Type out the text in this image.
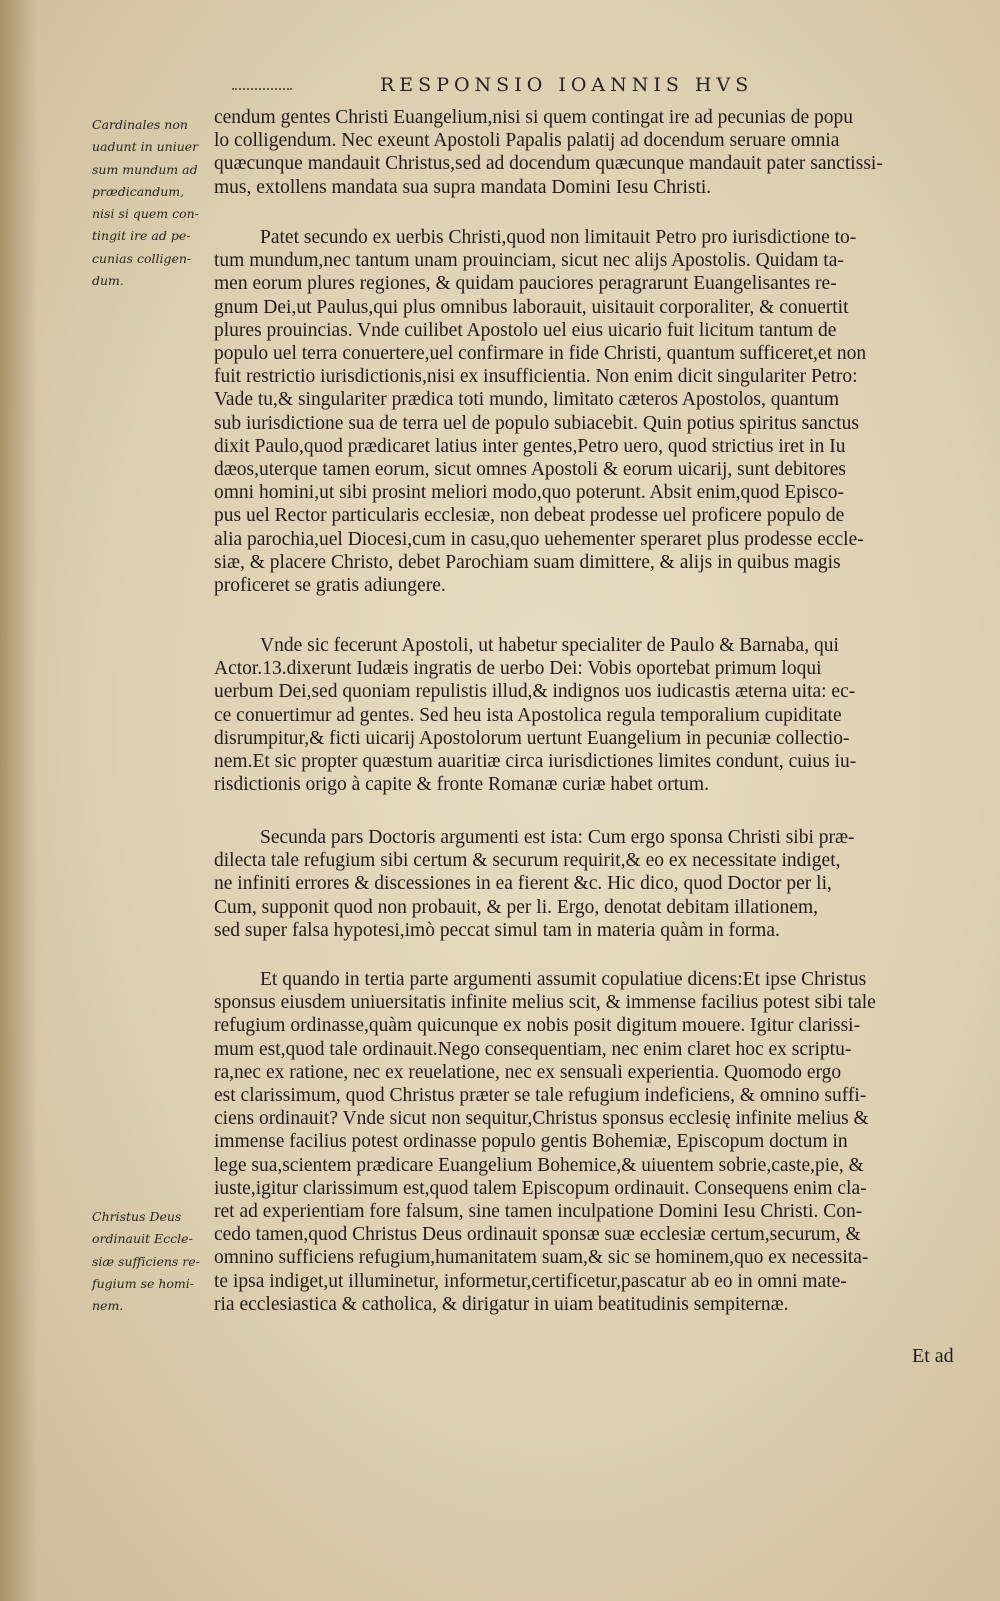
RESPONSIO IOANNIS HVS
Cardinales non
uadunt in uniuer
sum mundum ad
prædicandum,
nisi si quem con-
tingit ire ad pe-
cunias colligen-
dum.
Christus Deus
ordinauit Eccle-
siæ sufficiens re-
fugium se homi-
nem.
cendum gentes Christi Euangelium,nisi si quem contingat ire ad pecunias de popu
lo colligendum. Nec exeunt Apostoli Papalis palatij ad docendum seruare omnia
quæcunque mandauit Christus,sed ad docendum quæcunque mandauit pater sanctissi-
mus, extollens mandata sua supra mandata Domini Iesu Christi.
Patet secundo ex uerbis Christi,quod non limitauit Petro pro iurisdictione to-
tum mundum,nec tantum unam prouinciam, sicut nec alijs Apostolis. Quidam ta-
men eorum plures regiones, & quidam pauciores peragrarunt Euangelisantes re-
gnum Dei,ut Paulus,qui plus omnibus laborauit, uisitauit corporaliter, & conuertit
plures prouincias. Vnde cuilibet Apostolo uel eius uicario fuit licitum tantum de
populo uel terra conuertere,uel confirmare in fide Christi, quantum sufficeret,et non
fuit restrictio iurisdictionis,nisi ex insufficientia. Non enim dicit singulariter Petro:
Vade tu,& singulariter prædica toti mundo, limitato cæteros Apostolos, quantum
sub iurisdictione sua de terra uel de populo subiacebit. Quin potius spiritus sanctus
dixit Paulo,quod prædicaret latius inter gentes,Petro uero, quod strictius iret in Iu
dæos,uterque tamen eorum, sicut omnes Apostoli & eorum uicarij, sunt debitores
omni homini,ut sibi prosint meliori modo,quo poterunt. Absit enim,quod Episco-
pus uel Rector particularis ecclesiæ, non debeat prodesse uel proficere populo de
alia parochia,uel Diocesi,cum in casu,quo uehementer speraret plus prodesse eccle-
siæ, & placere Christo, debet Parochiam suam dimittere, & alijs in quibus magis
proficeret se gratis adiungere.
Vnde sic fecerunt Apostoli, ut habetur specialiter de Paulo & Barnaba, qui
Actor.13.dixerunt Iudæis ingratis de uerbo Dei: Vobis oportebat primum loqui
uerbum Dei,sed quoniam repulistis illud,& indignos uos iudicastis æterna uita: ec-
ce conuertimur ad gentes. Sed heu ista Apostolica regula temporalium cupiditate
disrumpitur,& ficti uicarij Apostolorum uertunt Euangelium in pecuniæ collectio-
nem.Et sic propter quæstum auaritiæ circa iurisdictiones limites condunt, cuius iu-
risdictionis origo à capite & fronte Romanæ curiæ habet ortum.
Secunda pars Doctoris argumenti est ista: Cum ergo sponsa Christi sibi præ-
dilecta tale refugium sibi certum & securum requirit,& eo ex necessitate indiget,
ne infiniti errores & discessiones in ea fierent &c. Hic dico, quod Doctor per li,
Cum, supponit quod non probauit, & per li. Ergo, denotat debitam illationem,
sed super falsa hypotesi,imò peccat simul tam in materia quàm in forma.
Et quando in tertia parte argumenti assumit copulatiue dicens:Et ipse Christus
sponsus eiusdem uniuersitatis infinite melius scit, & immense facilius potest sibi tale
refugium ordinasse,quàm quicunque ex nobis posit digitum mouere. Igitur clarissi-
mum est,quod tale ordinauit.Nego consequentiam, nec enim claret hoc ex scriptu-
ra,nec ex ratione, nec ex reuelatione, nec ex sensuali experientia. Quomodo ergo
est clarissimum, quod Christus præter se tale refugium indeficiens, & omnino suffi-
ciens ordinauit? Vnde sicut non sequitur,Christus sponsus ecclesię infinite melius &
immense facilius potest ordinasse populo gentis Bohemiæ, Episcopum doctum in
lege sua,scientem prædicare Euangelium Bohemice,& uiuentem sobrie,caste,pie, &
iuste,igitur clarissimum est,quod talem Episcopum ordinauit. Consequens enim cla-
ret ad experientiam fore falsum, sine tamen inculpatione Domini Iesu Christi. Con-
cedo tamen,quod Christus Deus ordinauit sponsæ suæ ecclesiæ certum,securum, &
omnino sufficiens refugium,humanitatem suam,& sic se hominem,quo ex necessita-
te ipsa indiget,ut illuminetur, informetur,certificetur,pascatur ab eo in omni mate-
ria ecclesiastica & catholica, & dirigatur in uiam beatitudinis sempiternæ.
Et ad
